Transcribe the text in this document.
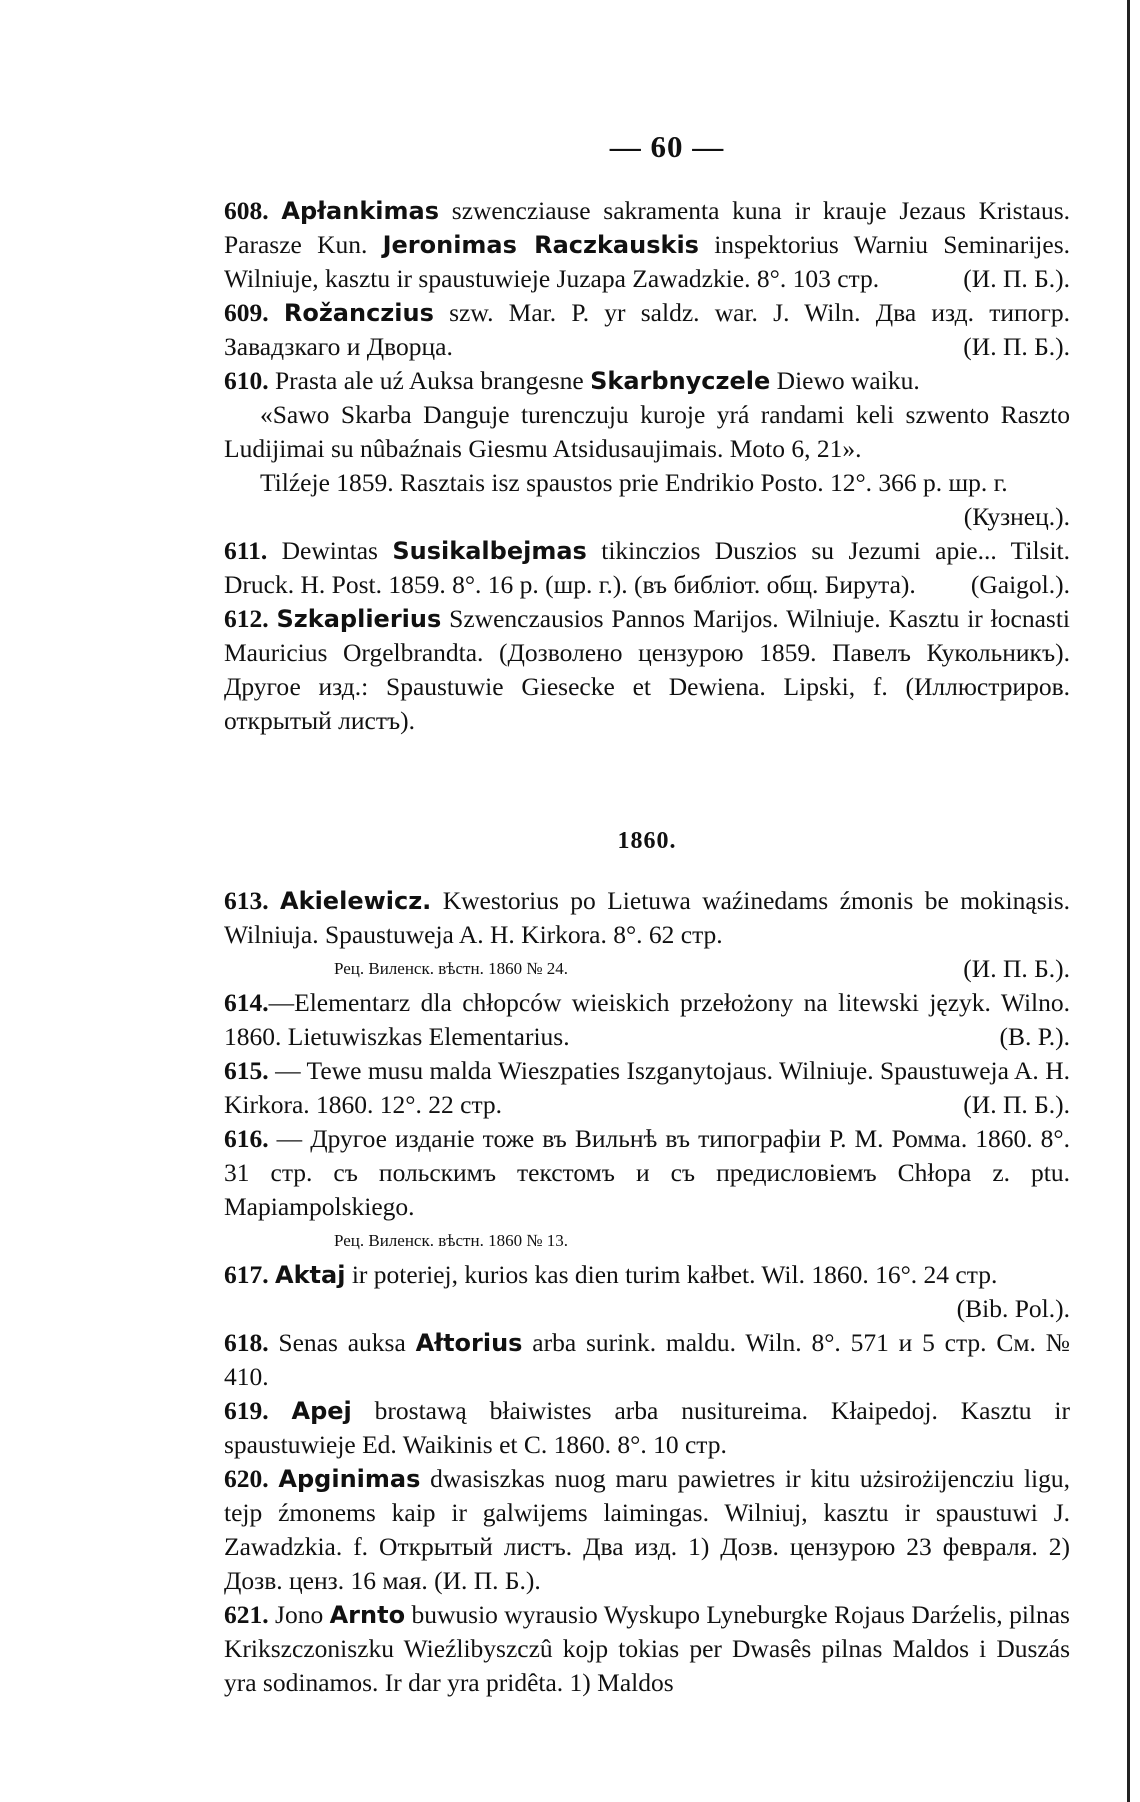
— 60 —

608. Apłankimas szwenczіause sakramenta kuna ir krauje Jezaus Kristaus. Parasze Kun. Jeronimas Raczkauskis inspektorius Warniu Seminarijes. Wilniuje, kasztu ir spaustuwieje Juzapa Zawadzkie. 8°. 103 стр.	(И. П. Б.).

609. Rožanczius szw. Mar. P. yr saldz. war. J. Wiln. Два изд. типогр. Завадзкаго и Дворца.	(И. П. Б.).

610. Prasta ale uź Auksa brangesne Skarbnyczele Diewo waiku.

«Sawo Skarba Danguje turenczuju kuroje yrá randami keli szwento Raszto Ludijimai su nûbaźnais Giesmu Atsidusaujimais. Moto 6, 21».

Tilźeje 1859. Rasztais isz spaustos prie Endrikio Posto. 12°. 366 p. шр. г.
(Кузнец.).

611. Dewintas Susikalbejmas tikinczios Duszios su Jezumi apie... Tilsit. Druck. H. Post. 1859. 8°. 16 p. (шр. г.). (въ библіот. общ. Бирута). (Gaigol.).

612. Szkaplierius Szwenczausios Pannos Marijos. Wilniuje. Kasztu ir łocnasti Mauricius Orgelbrandta. (Дозволено цензурою 1859. Павелъ Кукольникъ). Другое изд.: Spaustuwie Giesecke et Dewiena. Lipski, f. (Иллюстриров. открытый листъ).

1860.

613. Akielewicz. Kwestorius po Lietuwa waźinedams źmonis be mokinąsis. Wilniuja. Spaustuweja A. H. Kirkora. 8°. 62 стр.

Рец. Виленск. вѣстн. 1860 № 24.	(И. П. Б.).

614.—Elementarz dla chłopców wieiskich przełożony na litewski język. Wilno. 1860. Lietuwiszkas Elementarius.	(В. Р.).

615. — Tewe musu malda Wieszpaties Iszganytojaus. Wilniuje. Spaustuweja A. H. Kirkora. 1860. 12°. 22 стр.	(И. П. Б.).

616. — Другое изданіе тоже въ Вильнѣ въ типографіи Р. М. Ромма. 1860. 8°. 31 стр. съ польскимъ текстомъ и съ предисловіемъ Chłopa z. ptu. Mapiampolskiego.

Рец. Виленск. вѣстн. 1860 № 13.

617. Aktaj ir poteriej, kurios kas dien turim kałbet. Wil. 1860. 16°. 24 стр.
(Bib. Pol.).

618. Senas auksa Ałtorius arba surink. maldu. Wiln. 8°. 571 и 5 стр. См. № 410.

619. Apej brostawą błaiwistes arba nusitureima. Kłaipedoj. Kasztu ir spaustuwieje Ed. Waikinis et C. 1860. 8°. 10 стр.

620. Apginimas dwasiszkas nuog maru pawietres ir kitu użsirożijenczіu ligu, tejp źmonems kaip ir galwijems laimingas. Wilniuj, kasztu ir spaustuwi J. Zawadzkia. f. Открытый листъ. Два изд. 1) Дозв. цензурою 23 февраля. 2) Дозв. ценз. 16 мая. (И. П. Б.).

621. Jono Arnto buwusio wyrausio Wyskupo Lyneburgke Rojaus Darźelis, pilnas Krikszczoniszku Wieźlibyszczû kojp tokias per Dwasês pilnas Maldos i Duszás yra sodinamos. Ir dar yra pridêta. 1) Maldos
